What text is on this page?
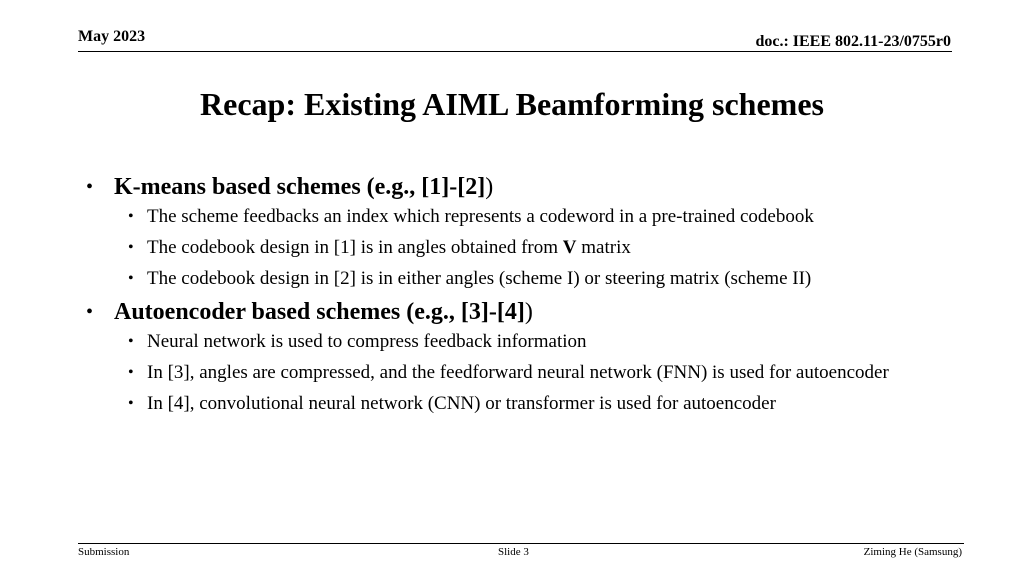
May 2023	doc.: IEEE 802.11-23/0755r0
Recap: Existing AIML Beamforming schemes
• K-means based schemes (e.g., [1]-[2])
• The scheme feedbacks an index which represents a codeword in a pre-trained codebook
• The codebook design in [1] is in angles obtained from V matrix
• The codebook design in [2] is in either angles (scheme I) or steering matrix (scheme II)
• Autoencoder based schemes (e.g., [3]-[4])
• Neural network is used to compress feedback information
• In [3], angles are compressed, and the feedforward neural network (FNN) is used for autoencoder
• In [4], convolutional neural network (CNN) or transformer is used for autoencoder
Submission	Slide 3	Ziming He (Samsung)
